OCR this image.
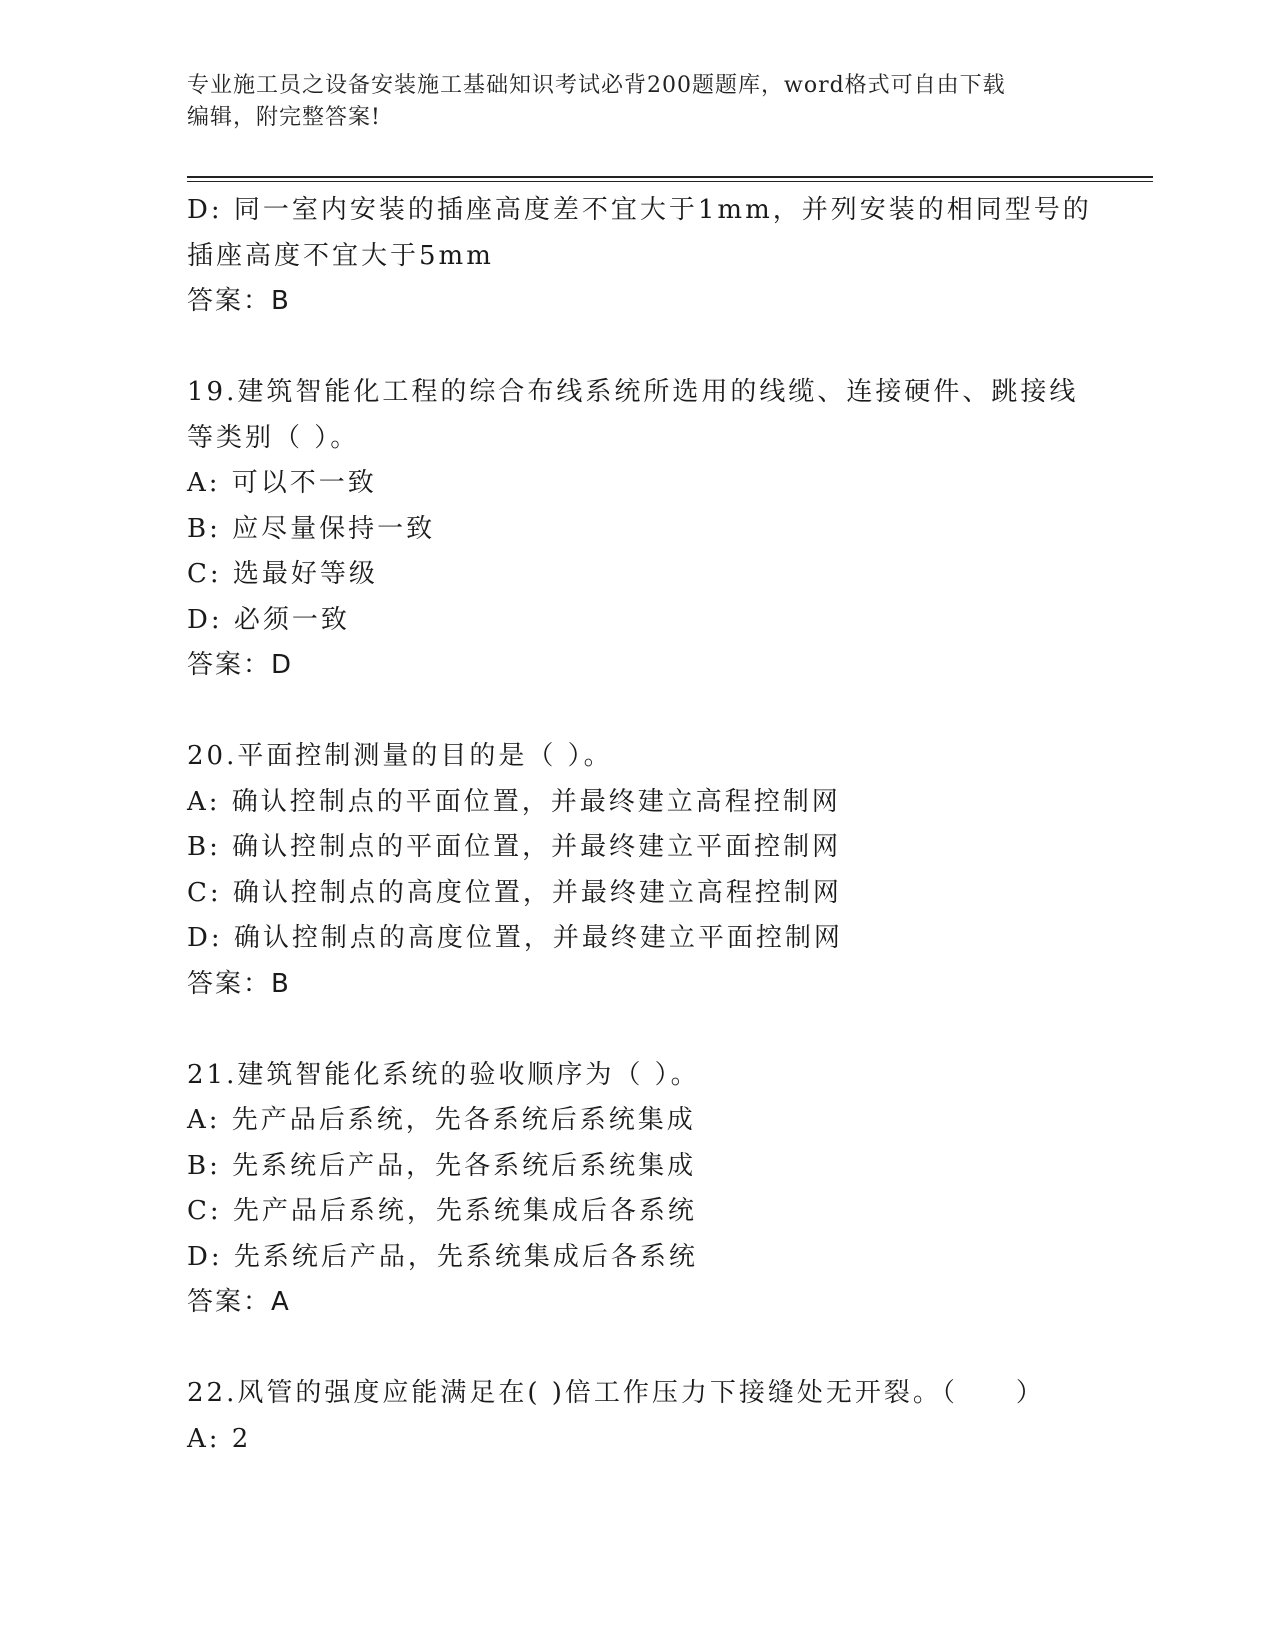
专业施工员之设备安装施工基础知识考试必背200题题库，word格式可自由下载
编辑，附完整答案!
D: 同一室内安装的插座高度差不宜大于1mm，并列安装的相同型号的
插座高度不宜大于5mm
答案：B
19.建筑智能化工程的综合布线系统所选用的线缆、连接硬件、跳接线
等类别（ ）。
A: 可以不一致
B: 应尽量保持一致
C: 选最好等级
D: 必须一致
答案：D
20.平面控制测量的目的是（ ）。
A: 确认控制点的平面位置，并最终建立高程控制网
B: 确认控制点的平面位置，并最终建立平面控制网
C: 确认控制点的高度位置，并最终建立高程控制网
D: 确认控制点的高度位置，并最终建立平面控制网
答案：B
21.建筑智能化系统的验收顺序为（ ）。
A: 先产品后系统，先各系统后系统集成
B: 先系统后产品，先各系统后系统集成
C: 先产品后系统，先系统集成后各系统
D: 先系统后产品，先系统集成后各系统
答案：A
22.风管的强度应能满足在( )倍工作压力下接缝处无开裂。（　　）
A: 2
